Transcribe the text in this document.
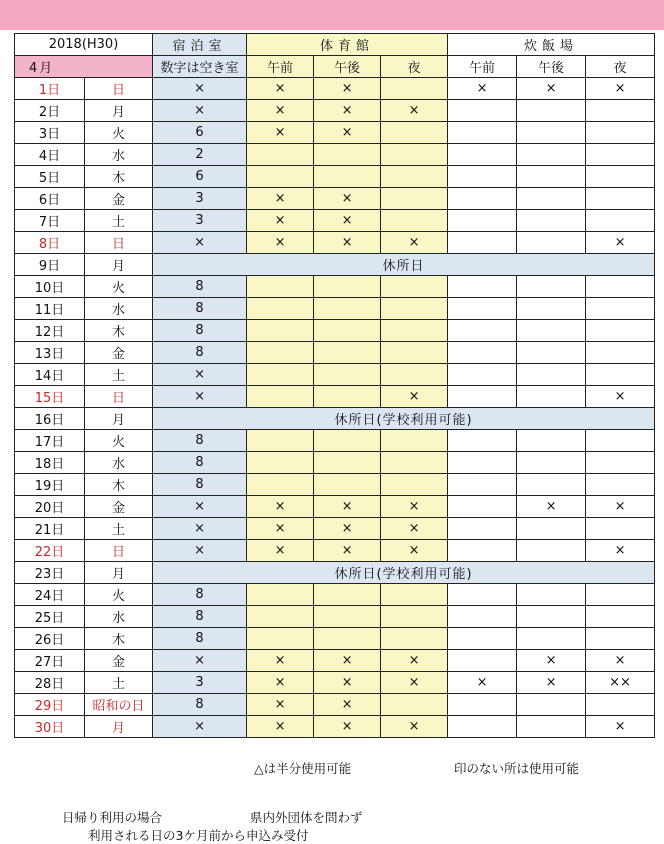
2018(H30)		宿泊室	体育館			炊飯場		
4月		数字は空き室	午前	午後	夜	午前	午後	夜
1日	日	×	×	×		×	×	×
2日	月	×	×	×	×			
3日	火	6	×	×				
4日	水	2						
5日	木	6						
6日	金	3	×	×				
7日	土	3	×	×				
8日	日	×	×	×	×			×
9日	月	休所日						
10日	火	8						
11日	水	8						
12日	木	8						
13日	金	8						
14日	土	×						
15日	日	×			×			×
16日	月	休所日(学校利用可能)						
17日	火	8						
18日	水	8						
19日	木	8						
20日	金	×	×	×	×		×	×
21日	土	×	×	×	×			
22日	日	×	×	×	×			×
23日	月	休所日(学校利用可能)						
24日	火	8						
25日	水	8						
26日	木	8						
27日	金	×	×	×	×		×	×
28日	土	3	×	×	×	×	×	××
29日	昭和の日	8	×	×				
30日	月	×	×	×	×			×
△は半分使用可能	印のない所は使用可能
日帰り利用の場合	県内外団体を問わず
利用される日の3ケ月前から申込み受付
